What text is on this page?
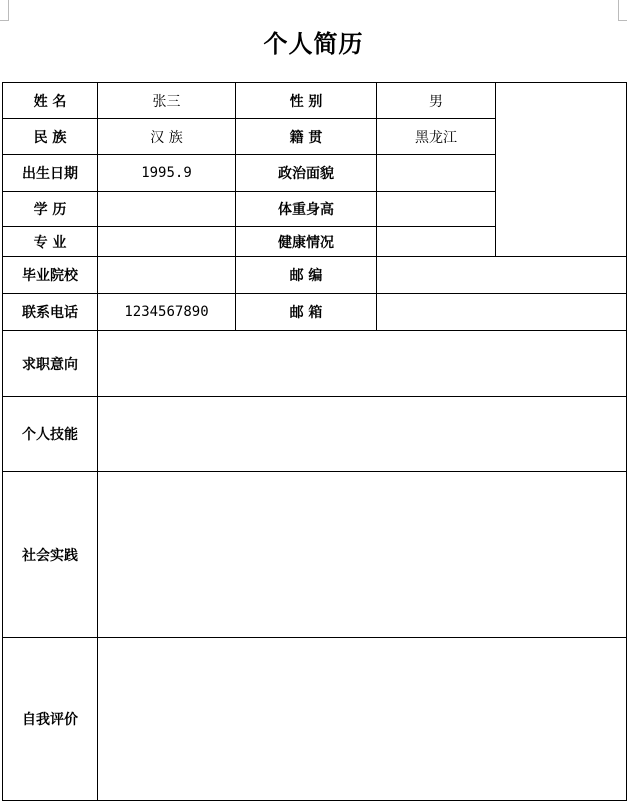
个人简历
姓 名	张三	性 别	男	
民 族	汉 族	籍 贯	黑龙江
出生日期	1995.9	政治面貌	
学 历		体重身高	
专 业		健康情况	
毕业院校		邮 编	
联系电话	1234567890	邮 箱	
求职意向	
个人技能	
社会实践	
自我评价	
